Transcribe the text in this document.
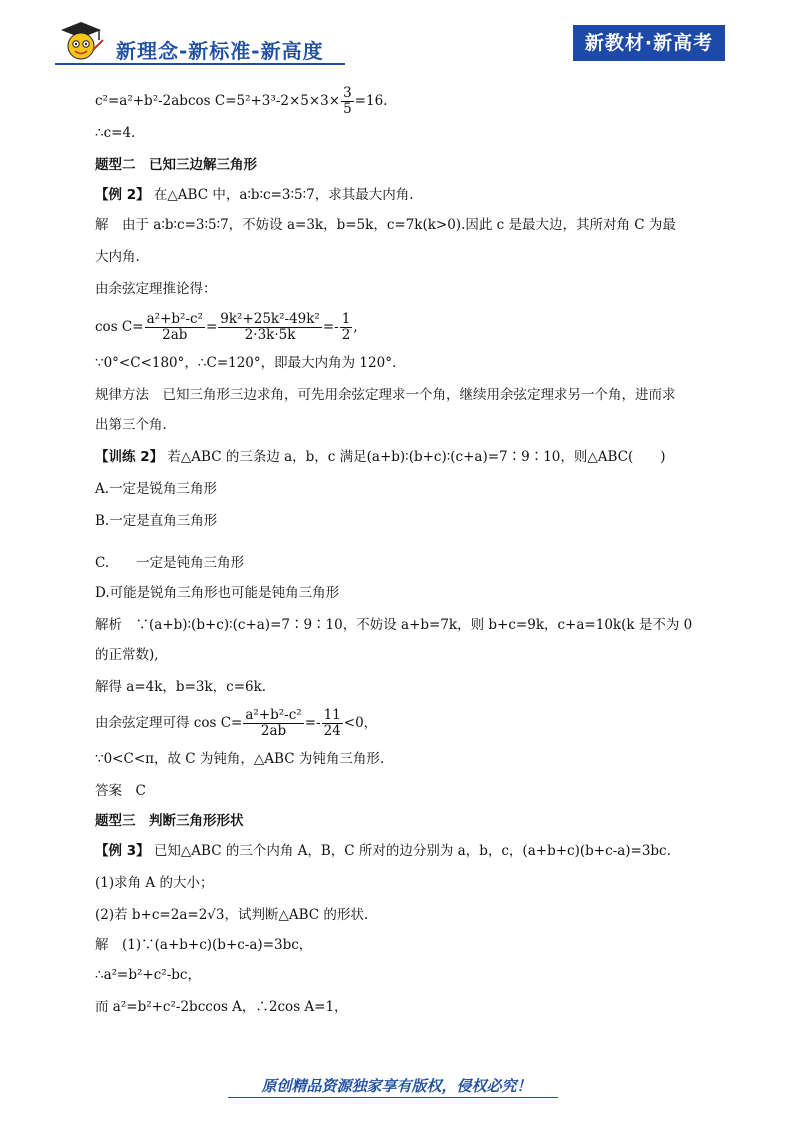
新理念-新标准-新高度	新教材·新高考
c²=a²+b²-2abcos $C=5^2+3^3-2\times 5\times 3\times \frac{3}{5} =16$.
∴c=4.
题型二　已知三边解三角形
【例 2】 在△ABC 中，a∶b∶c=3∶5∶7，求其最大内角.
解　由于 a∶b∶c=3∶5∶7，不妨设 a=3k，b=5k，c=7k(k>0).因此 c 是最大边，其所对角 C 为最
大内角.
由余弦定理推论得：
$\cos C= \frac{\text{a²+b²-c²}}{2ab} = \frac{\text{9k²+25k²-49k²}}{2\cdot 3k\cdot 5k} =- \frac{1}{2}$ ,
∵0°<C<180°，∴C=120°，即最大内角为 120°.
规律方法　已知三角形三边求角，可先用余弦定理求一个角，继续用余弦定理求另一个角，进而求
出第三个角.
【训练 2】 若△ABC 的三条边 a，b，c 满足(a+b)∶(b+c)∶(c+a)=7∶9∶10，则△ABC(　　)
A.一定是锐角三角形
B.一定是直角三角形
C.　　一定是钝角三角形
D.可能是锐角三角形也可能是钝角三角形
解析　∵(a+b)∶(b+c)∶(c+a)=7∶9∶10，不妨设 a+b=7k，则 b+c=9k，c+a=10k(k 是不为 0
的正常数),
解得 a=4k，b=3k，c=6k.
由余弦定理可得 $\cos C= \frac{\text{a²+b²-c²}}{2ab} =- \frac{11}{24} <0$，
∵0<C<π，故 C 为钝角，△ABC 为钝角三角形.
答案　C
题型三　判断三角形形状
【例 3】 已知△ABC 的三个内角 A，B，C 所对的边分别为 a，b，c，(a+b+c)(b+c-a)=3bc.
(1)求角 A 的大小；
(2)若 b+c=2a=2√3，试判断△ABC 的形状.
解　(1)∵(a+b+c)(b+c-a)=3bc，
∴a²=b²+c²-bc，
而 a²=b²+c²-2bccos A，∴2cos A=1，
原创精品资源独家享有版权，侵权必究！
